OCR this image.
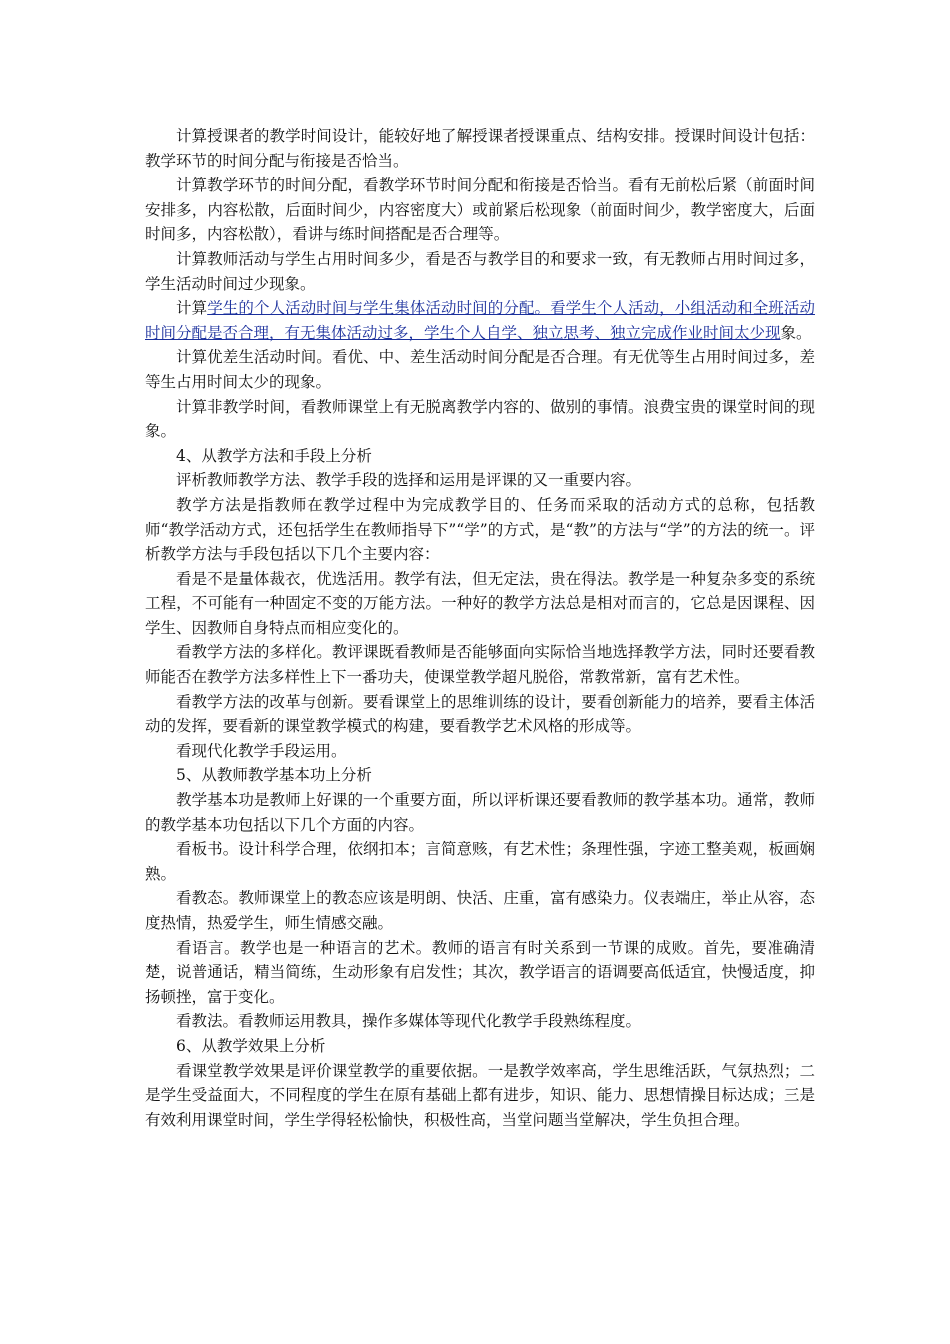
计算授课者的教学时间设计，能较好地了解授课者授课重点、结构安排。授课时间设计包括：教学环节的时间分配与衔接是否恰当。

计算教学环节的时间分配，看教学环节时间分配和衔接是否恰当。看有无前松后紧（前面时间安排多，内容松散，后面时间少，内容密度大）或前紧后松现象（前面时间少，教学密度大，后面时间多，内容松散），看讲与练时间搭配是否合理等。

计算教师活动与学生占用时间多少，看是否与教学目的和要求一致，有无教师占用时间过多，学生活动时间过少现象。

计算学生的个人活动时间与学生集体活动时间的分配。看学生个人活动，小组活动和全班活动时间分配是否合理，有无集体活动过多，学生个人自学、独立思考、独立完成作业时间太少现象。

计算优差生活动时间。看优、中、差生活动时间分配是否合理。有无优等生占用时间过多，差等生占用时间太少的现象。

计算非教学时间，看教师课堂上有无脱离教学内容的、做别的事情。浪费宝贵的课堂时间的现象。

4、从教学方法和手段上分析

评析教师教学方法、教学手段的选择和运用是评课的又一重要内容。

教学方法是指教师在教学过程中为完成教学目的、任务而采取的活动方式的总称，包括教师“教学活动方式，还包括学生在教师指导下”“学”的方式，是“教”的方法与“学”的方法的统一。评析教学方法与手段包括以下几个主要内容：

看是不是量体裁衣，优选活用。教学有法，但无定法，贵在得法。教学是一种复杂多变的系统工程，不可能有一种固定不变的万能方法。一种好的教学方法总是相对而言的，它总是因课程、因学生、因教师自身特点而相应变化的。

看教学方法的多样化。教评课既看教师是否能够面向实际恰当地选择教学方法，同时还要看教师能否在教学方法多样性上下一番功夫，使课堂教学超凡脱俗，常教常新，富有艺术性。

看教学方法的改革与创新。要看课堂上的思维训练的设计，要看创新能力的培养，要看主体活动的发挥，要看新的课堂教学模式的构建，要看教学艺术风格的形成等。

看现代化教学手段运用。

5、从教师教学基本功上分析

教学基本功是教师上好课的一个重要方面，所以评析课还要看教师的教学基本功。通常，教师的教学基本功包括以下几个方面的内容。

看板书。设计科学合理，依纲扣本；言简意赅，有艺术性；条理性强，字迹工整美观，板画娴熟。

看教态。教师课堂上的教态应该是明朗、快活、庄重，富有感染力。仪表端庄，举止从容，态度热情，热爱学生，师生情感交融。

看语言。教学也是一种语言的艺术。教师的语言有时关系到一节课的成败。首先，要准确清楚，说普通话，精当简练，生动形象有启发性；其次，教学语言的语调要高低适宜，快慢适度，抑扬顿挫，富于变化。

看教法。看教师运用教具，操作多媒体等现代化教学手段熟练程度。

6、从教学效果上分析

看课堂教学效果是评价课堂教学的重要依据。一是教学效率高，学生思维活跃，气氛热烈；二是学生受益面大，不同程度的学生在原有基础上都有进步，知识、能力、思想情操目标达成；三是有效利用课堂时间，学生学得轻松愉快，积极性高，当堂问题当堂解决，学生负担合理。
